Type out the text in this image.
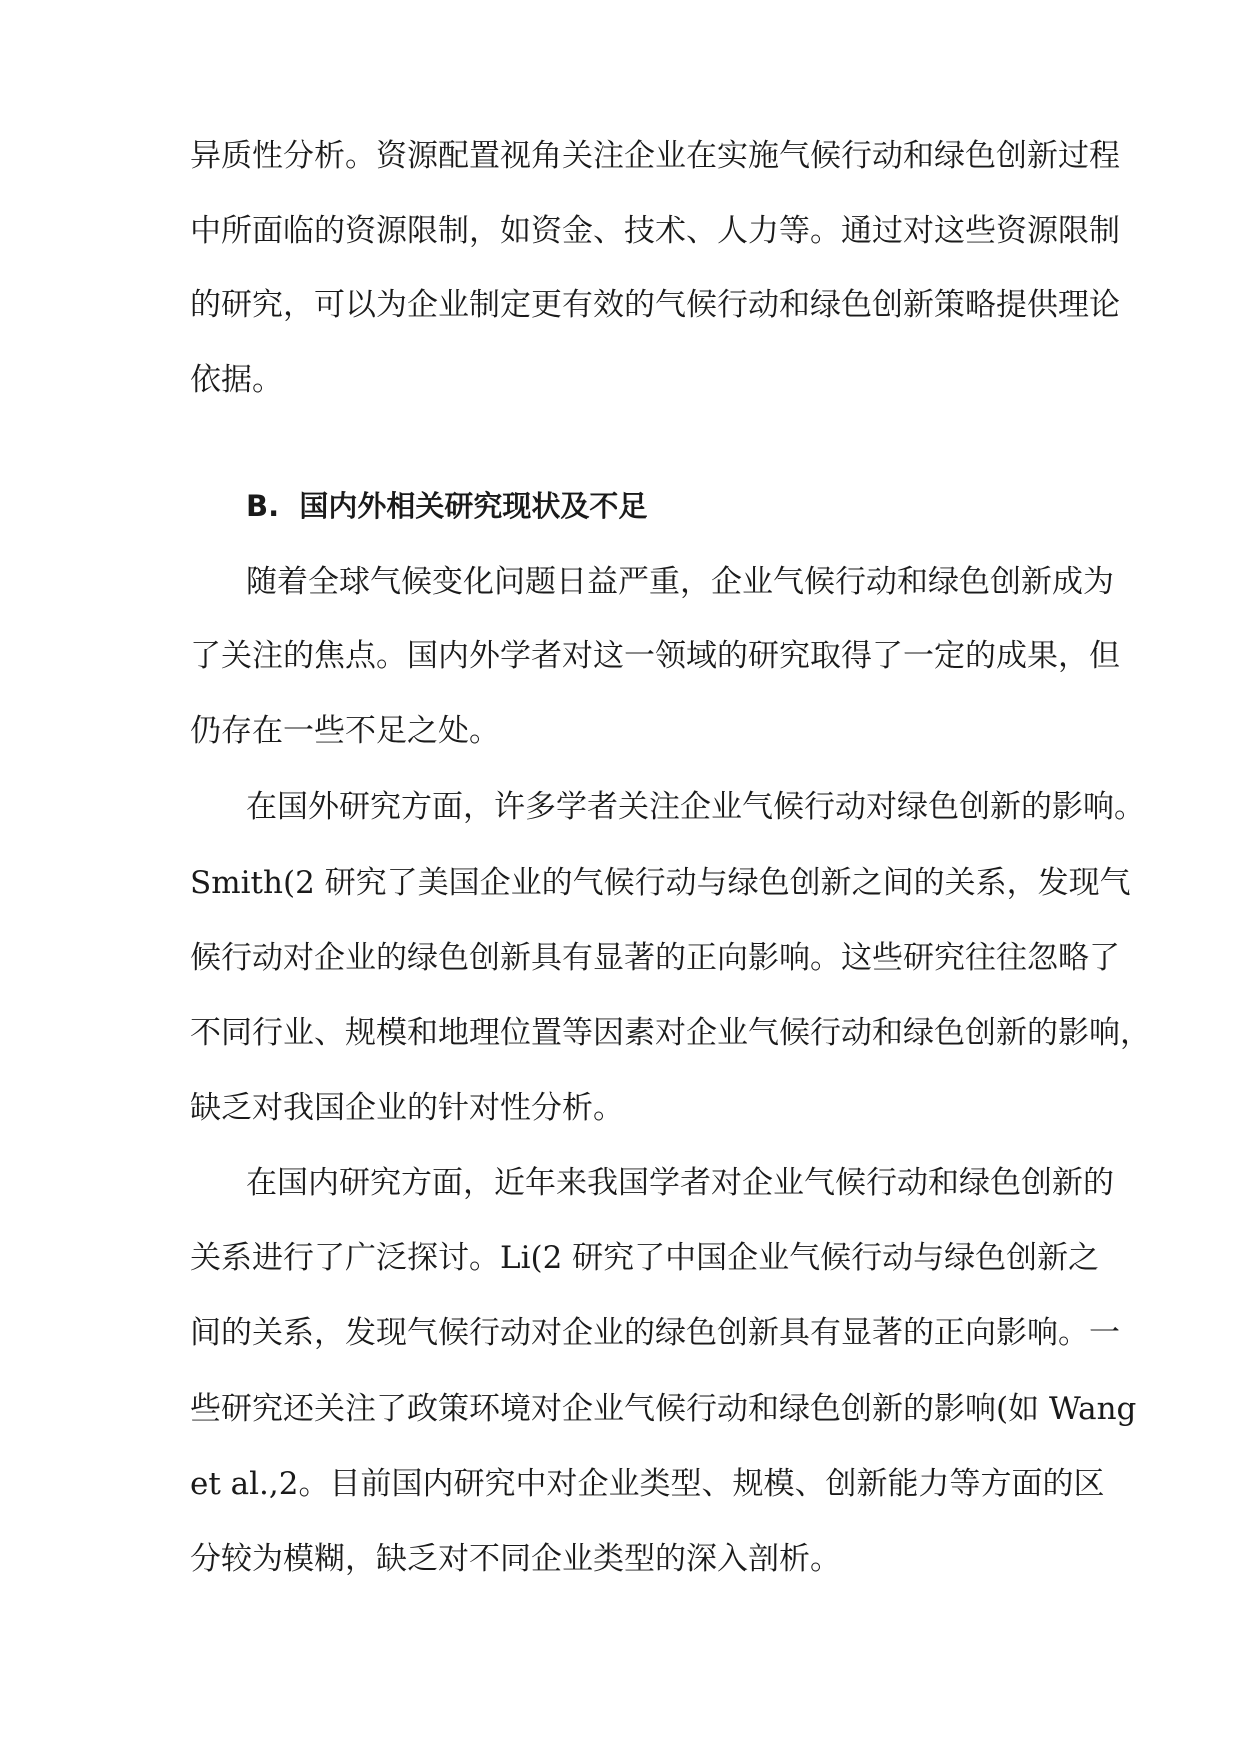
异质性分析。资源配置视角关注企业在实施气候行动和绿色创新过程
中所面临的资源限制，如资金、技术、人力等。通过对这些资源限制
的研究，可以为企业制定更有效的气候行动和绿色创新策略提供理论
依据。
B.  国内外相关研究现状及不足
随着全球气候变化问题日益严重，企业气候行动和绿色创新成为
了关注的焦点。国内外学者对这一领域的研究取得了一定的成果，但
仍存在一些不足之处。
在国外研究方面，许多学者关注企业气候行动对绿色创新的影响。
Smith(2 研究了美国企业的气候行动与绿色创新之间的关系，发现气
候行动对企业的绿色创新具有显著的正向影响。这些研究往往忽略了
不同行业、规模和地理位置等因素对企业气候行动和绿色创新的影响，
缺乏对我国企业的针对性分析。
在国内研究方面，近年来我国学者对企业气候行动和绿色创新的
关系进行了广泛探讨。Li(2 研究了中国企业气候行动与绿色创新之
间的关系，发现气候行动对企业的绿色创新具有显著的正向影响。一
些研究还关注了政策环境对企业气候行动和绿色创新的影响(如 Wang
et al.,2。目前国内研究中对企业类型、规模、创新能力等方面的区
分较为模糊，缺乏对不同企业类型的深入剖析。
